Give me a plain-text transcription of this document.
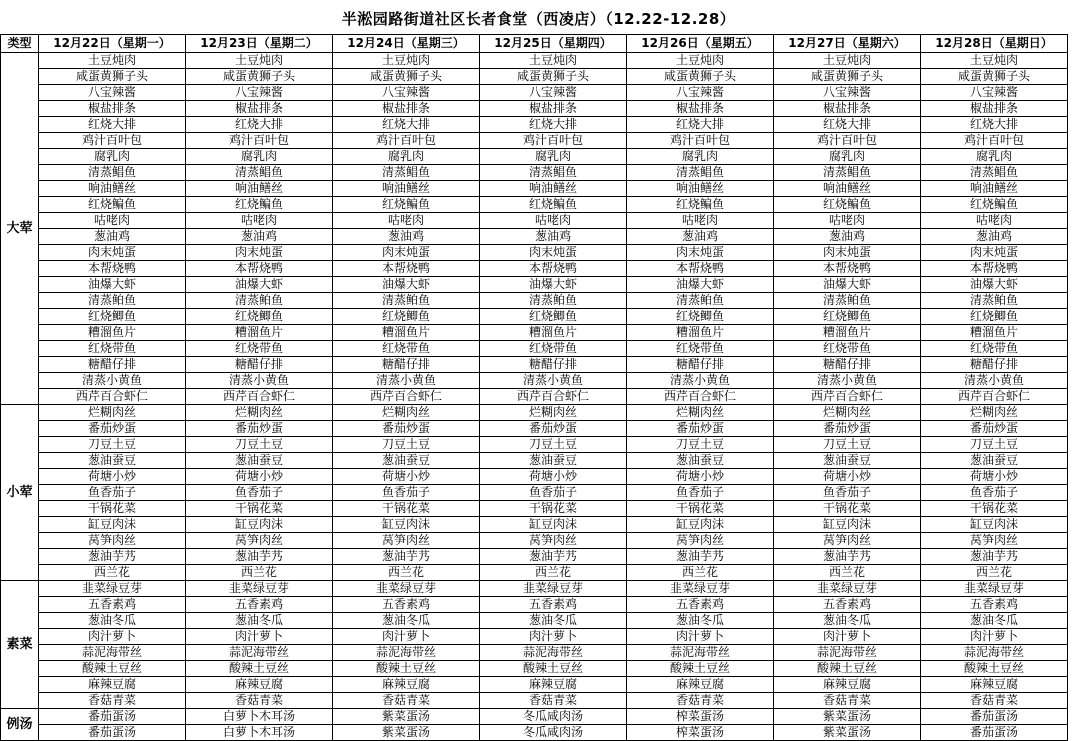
半淞园路街道社区长者食堂（西凌店）（12.22-12.28）
类型	12月22日（星期一）	12月23日（星期二）	12月24日（星期三）	12月25日（星期四）	12月26日（星期五）	12月27日（星期六）	12月28日（星期日）
大荤	土豆炖肉	土豆炖肉	土豆炖肉	土豆炖肉	土豆炖肉	土豆炖肉	土豆炖肉
	咸蛋黄狮子头	咸蛋黄狮子头	咸蛋黄狮子头	咸蛋黄狮子头	咸蛋黄狮子头	咸蛋黄狮子头	咸蛋黄狮子头
	八宝辣酱	八宝辣酱	八宝辣酱	八宝辣酱	八宝辣酱	八宝辣酱	八宝辣酱
	椒盐排条	椒盐排条	椒盐排条	椒盐排条	椒盐排条	椒盐排条	椒盐排条
	红烧大排	红烧大排	红烧大排	红烧大排	红烧大排	红烧大排	红烧大排
	鸡汁百叶包	鸡汁百叶包	鸡汁百叶包	鸡汁百叶包	鸡汁百叶包	鸡汁百叶包	鸡汁百叶包
	腐乳肉	腐乳肉	腐乳肉	腐乳肉	腐乳肉	腐乳肉	腐乳肉
	清蒸鲳鱼	清蒸鲳鱼	清蒸鲳鱼	清蒸鲳鱼	清蒸鲳鱼	清蒸鲳鱼	清蒸鲳鱼
	响油鳝丝	响油鳝丝	响油鳝丝	响油鳝丝	响油鳝丝	响油鳝丝	响油鳝丝
	红烧鳊鱼	红烧鳊鱼	红烧鳊鱼	红烧鳊鱼	红烧鳊鱼	红烧鳊鱼	红烧鳊鱼
	咕咾肉	咕咾肉	咕咾肉	咕咾肉	咕咾肉	咕咾肉	咕咾肉
	葱油鸡	葱油鸡	葱油鸡	葱油鸡	葱油鸡	葱油鸡	葱油鸡
	肉末炖蛋	肉末炖蛋	肉末炖蛋	肉末炖蛋	肉末炖蛋	肉末炖蛋	肉末炖蛋
	本帮烧鸭	本帮烧鸭	本帮烧鸭	本帮烧鸭	本帮烧鸭	本帮烧鸭	本帮烧鸭
	油爆大虾	油爆大虾	油爆大虾	油爆大虾	油爆大虾	油爆大虾	油爆大虾
	清蒸鲌鱼	清蒸鲌鱼	清蒸鲌鱼	清蒸鲌鱼	清蒸鲌鱼	清蒸鲌鱼	清蒸鲌鱼
	红烧鲫鱼	红烧鲫鱼	红烧鲫鱼	红烧鲫鱼	红烧鲫鱼	红烧鲫鱼	红烧鲫鱼
	糟溜鱼片	糟溜鱼片	糟溜鱼片	糟溜鱼片	糟溜鱼片	糟溜鱼片	糟溜鱼片
	红烧带鱼	红烧带鱼	红烧带鱼	红烧带鱼	红烧带鱼	红烧带鱼	红烧带鱼
	糖醋仔排	糖醋仔排	糖醋仔排	糖醋仔排	糖醋仔排	糖醋仔排	糖醋仔排
	清蒸小黄鱼	清蒸小黄鱼	清蒸小黄鱼	清蒸小黄鱼	清蒸小黄鱼	清蒸小黄鱼	清蒸小黄鱼
	西芹百合虾仁	西芹百合虾仁	西芹百合虾仁	西芹百合虾仁	西芹百合虾仁	西芹百合虾仁	西芹百合虾仁
小荤	烂糊肉丝	烂糊肉丝	烂糊肉丝	烂糊肉丝	烂糊肉丝	烂糊肉丝	烂糊肉丝
	番茄炒蛋	番茄炒蛋	番茄炒蛋	番茄炒蛋	番茄炒蛋	番茄炒蛋	番茄炒蛋
	刀豆土豆	刀豆土豆	刀豆土豆	刀豆土豆	刀豆土豆	刀豆土豆	刀豆土豆
	葱油蚕豆	葱油蚕豆	葱油蚕豆	葱油蚕豆	葱油蚕豆	葱油蚕豆	葱油蚕豆
	荷塘小炒	荷塘小炒	荷塘小炒	荷塘小炒	荷塘小炒	荷塘小炒	荷塘小炒
	鱼香茄子	鱼香茄子	鱼香茄子	鱼香茄子	鱼香茄子	鱼香茄子	鱼香茄子
	干锅花菜	干锅花菜	干锅花菜	干锅花菜	干锅花菜	干锅花菜	干锅花菜
	缸豆肉沫	缸豆肉沫	缸豆肉沫	缸豆肉沫	缸豆肉沫	缸豆肉沫	缸豆肉沫
	莴笋肉丝	莴笋肉丝	莴笋肉丝	莴笋肉丝	莴笋肉丝	莴笋肉丝	莴笋肉丝
	葱油芋艿	葱油芋艿	葱油芋艿	葱油芋艿	葱油芋艿	葱油芋艿	葱油芋艿
	西兰花	西兰花	西兰花	西兰花	西兰花	西兰花	西兰花
素菜	韭菜绿豆芽	韭菜绿豆芽	韭菜绿豆芽	韭菜绿豆芽	韭菜绿豆芽	韭菜绿豆芽	韭菜绿豆芽
	五香素鸡	五香素鸡	五香素鸡	五香素鸡	五香素鸡	五香素鸡	五香素鸡
	葱油冬瓜	葱油冬瓜	葱油冬瓜	葱油冬瓜	葱油冬瓜	葱油冬瓜	葱油冬瓜
	肉汁萝卜	肉汁萝卜	肉汁萝卜	肉汁萝卜	肉汁萝卜	肉汁萝卜	肉汁萝卜
	蒜泥海带丝	蒜泥海带丝	蒜泥海带丝	蒜泥海带丝	蒜泥海带丝	蒜泥海带丝	蒜泥海带丝
	酸辣土豆丝	酸辣土豆丝	酸辣土豆丝	酸辣土豆丝	酸辣土豆丝	酸辣土豆丝	酸辣土豆丝
	麻辣豆腐	麻辣豆腐	麻辣豆腐	麻辣豆腐	麻辣豆腐	麻辣豆腐	麻辣豆腐
	香菇青菜	香菇青菜	香菇青菜	香菇青菜	香菇青菜	香菇青菜	香菇青菜
例汤	番茄蛋汤	白萝卜木耳汤	紫菜蛋汤	冬瓜咸肉汤	榨菜蛋汤	紫菜蛋汤	番茄蛋汤
	番茄蛋汤	白萝卜木耳汤	紫菜蛋汤	冬瓜咸肉汤	榨菜蛋汤	紫菜蛋汤	番茄蛋汤
